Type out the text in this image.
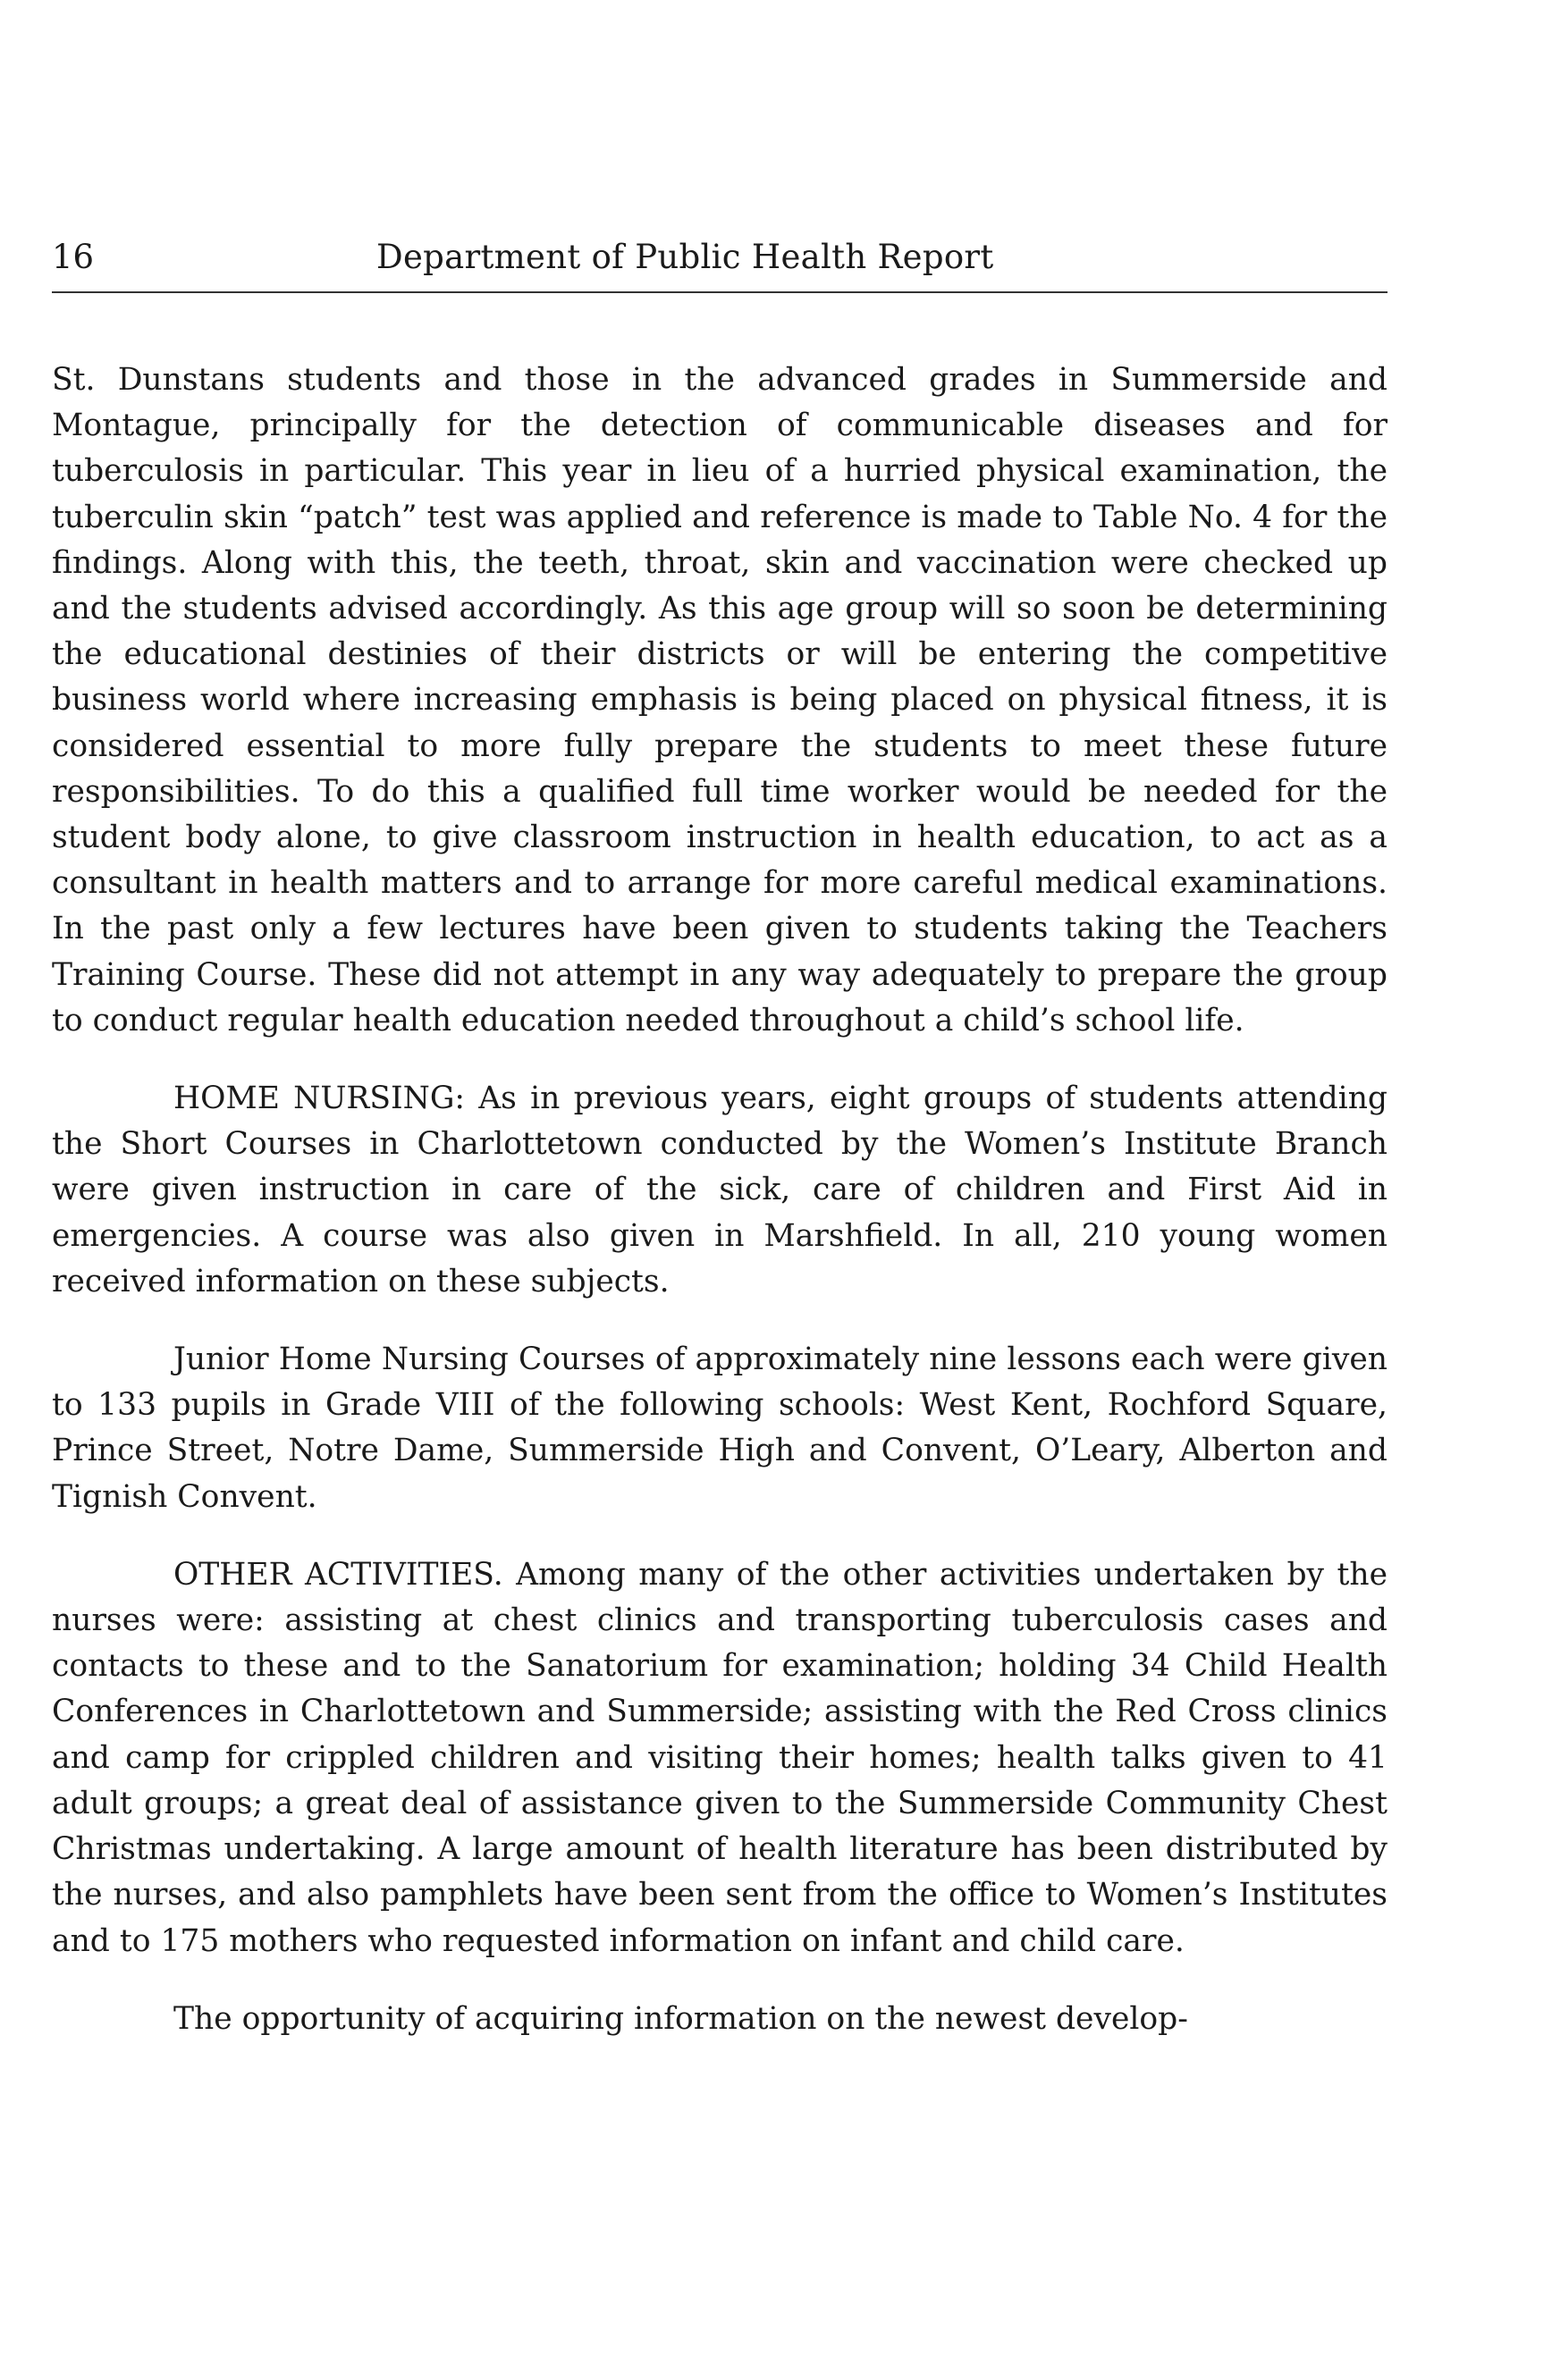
16	Department of Public Health Report

St. Dunstans students and those in the advanced grades in Summerside and Montague, principally for the detection of communicable diseases and for tuberculosis in particular. This year in lieu of a hurried physical examination, the tuberculin skin “patch” test was applied and reference is made to Table No. 4 for the findings. Along with this, the teeth, throat, skin and vaccination were checked up and the students advised accordingly. As this age group will so soon be determining the educational destinies of their districts or will be entering the competitive business world where increasing emphasis is being placed on physical fitness, it is considered essential to more fully prepare the students to meet these future responsibilities. To do this a qualified full time worker would be needed for the student body alone, to give classroom instruction in health education, to act as a consultant in health matters and to arrange for more careful medical examinations. In the past only a few lectures have been given to students taking the Teachers Training Course. These did not attempt in any way adequately to prepare the group to conduct regular health education needed throughout a child’s school life.

HOME NURSING: As in previous years, eight groups of students attending the Short Courses in Charlottetown conducted by the Women’s Institute Branch were given instruction in care of the sick, care of children and First Aid in emergencies. A course was also given in Marshfield. In all, 210 young women received information on these subjects.

Junior Home Nursing Courses of approximately nine lessons each were given to 133 pupils in Grade VIII of the following schools: West Kent, Rochford Square, Prince Street, Notre Dame, Summerside High and Convent, O’Leary, Alberton and Tignish Convent.

OTHER ACTIVITIES. Among many of the other activities undertaken by the nurses were: assisting at chest clinics and transporting tuberculosis cases and contacts to these and to the Sanatorium for examination; holding 34 Child Health Conferences in Charlottetown and Summerside; assisting with the Red Cross clinics and camp for crippled children and visiting their homes; health talks given to 41 adult groups; a great deal of assistance given to the Summerside Community Chest Christmas undertaking. A large amount of health literature has been distributed by the nurses, and also pamphlets have been sent from the office to Women’s Institutes and to 175 mothers who requested information on infant and child care.

The opportunity of acquiring information on the newest develop-
